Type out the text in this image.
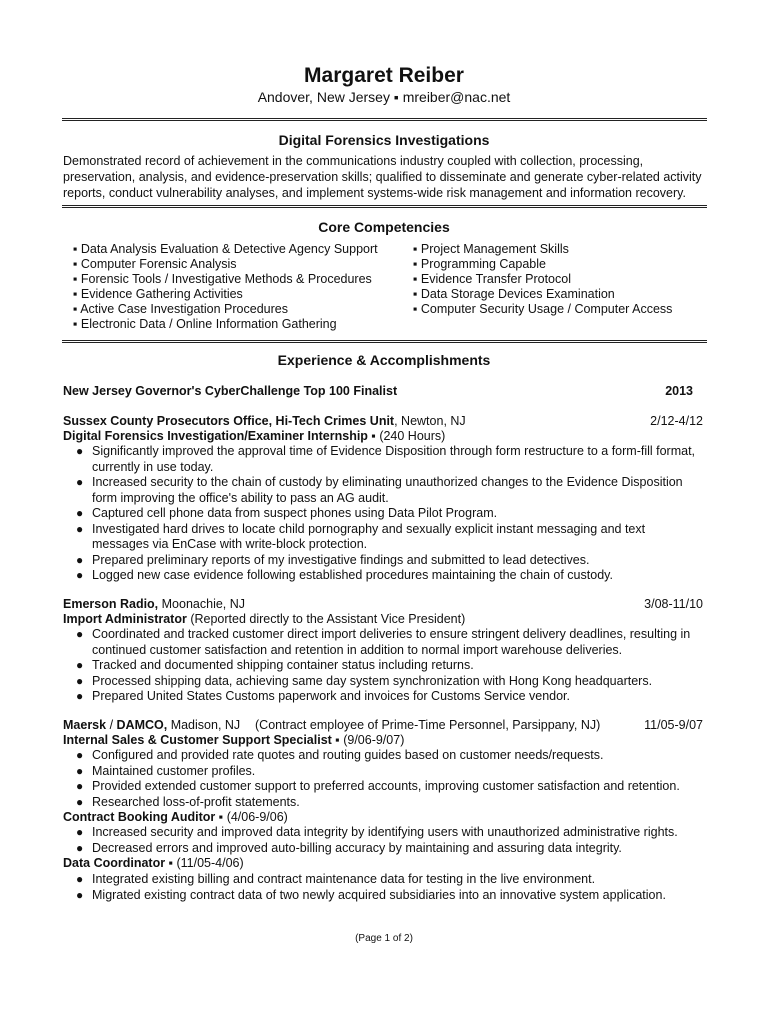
Margaret Reiber
Andover, New Jersey ▪ mreiber@nac.net
Digital Forensics Investigations
Demonstrated record of achievement in the communications industry coupled with collection, processing, preservation, analysis, and evidence-preservation skills; qualified to disseminate and generate cyber-related activity reports, conduct vulnerability analyses, and implement systems-wide risk management and information recovery.
Core Competencies
▪ Data Analysis Evaluation & Detective Agency Support
▪ Computer Forensic Analysis
▪ Forensic Tools / Investigative Methods & Procedures
▪ Evidence Gathering Activities
▪ Active Case Investigation Procedures
▪ Electronic Data / Online Information Gathering
▪ Project Management Skills
▪ Programming Capable
▪ Evidence Transfer Protocol
▪ Data Storage Devices Examination
▪ Computer Security Usage / Computer Access
Experience & Accomplishments
New Jersey Governor's CyberChallenge Top 100 Finalist	2013
Sussex County Prosecutors Office, Hi-Tech Crimes Unit, Newton, NJ	2/12-4/12
Digital Forensics Investigation/Examiner Internship ▪ (240 Hours)
● Significantly improved the approval time of Evidence Disposition through form restructure to a form-fill format, currently in use today.
● Increased security to the chain of custody by eliminating unauthorized changes to the Evidence Disposition form improving the office's ability to pass an AG audit.
● Captured cell phone data from suspect phones using Data Pilot Program.
● Investigated hard drives to locate child pornography and sexually explicit instant messaging and text messages via EnCase with write-block protection.
● Prepared preliminary reports of my investigative findings and submitted to lead detectives.
● Logged new case evidence following established procedures maintaining the chain of custody.
Emerson Radio, Moonachie, NJ	3/08-11/10
Import Administrator (Reported directly to the Assistant Vice President)
● Coordinated and tracked customer direct import deliveries to ensure stringent delivery deadlines, resulting in continued customer satisfaction and retention in addition to normal import warehouse deliveries.
● Tracked and documented shipping container status including returns.
● Processed shipping data, achieving same day system synchronization with Hong Kong headquarters.
● Prepared United States Customs paperwork and invoices for Customs Service vendor.
Maersk / DAMCO, Madison, NJ (Contract employee of Prime-Time Personnel, Parsippany, NJ)	11/05-9/07
Internal Sales & Customer Support Specialist ▪ (9/06-9/07)
● Configured and provided rate quotes and routing guides based on customer needs/requests.
● Maintained customer profiles.
● Provided extended customer support to preferred accounts, improving customer satisfaction and retention.
● Researched loss-of-profit statements.
Contract Booking Auditor ▪ (4/06-9/06)
● Increased security and improved data integrity by identifying users with unauthorized administrative rights.
● Decreased errors and improved auto-billing accuracy by maintaining and assuring data integrity.
Data Coordinator ▪ (11/05-4/06)
● Integrated existing billing and contract maintenance data for testing in the live environment.
● Migrated existing contract data of two newly acquired subsidiaries into an innovative system application.
(Page 1 of 2)
